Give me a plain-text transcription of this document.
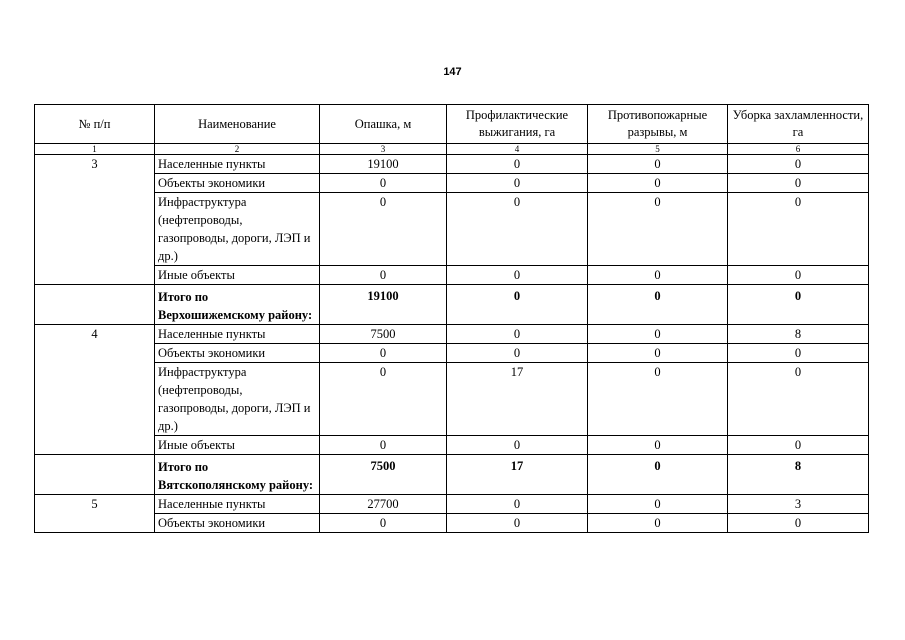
147
№ п/п	Наименование	Опашка, м	Профилактические выжигания, га	Противопожарные разрывы, м	Уборка захламленности, га
1	2	3	4	5	6
3	Населенные пункты	19100	0	0	0
	Объекты экономики	0	0	0	0
	Инфраструктура (нефтепроводы, газопроводы, дороги, ЛЭП и др.)	0	0	0	0
	Иные объекты	0	0	0	0
	Итого по Верхошижемскому району:	19100	0	0	0
4	Населенные пункты	7500	0	0	8
	Объекты экономики	0	0	0	0
	Инфраструктура (нефтепроводы, газопроводы, дороги, ЛЭП и др.)	0	17	0	0
	Иные объекты	0	0	0	0
	Итого по Вятскополянскому району:	7500	17	0	8
5	Населенные пункты	27700	0	0	3
	Объекты экономики	0	0	0	0
